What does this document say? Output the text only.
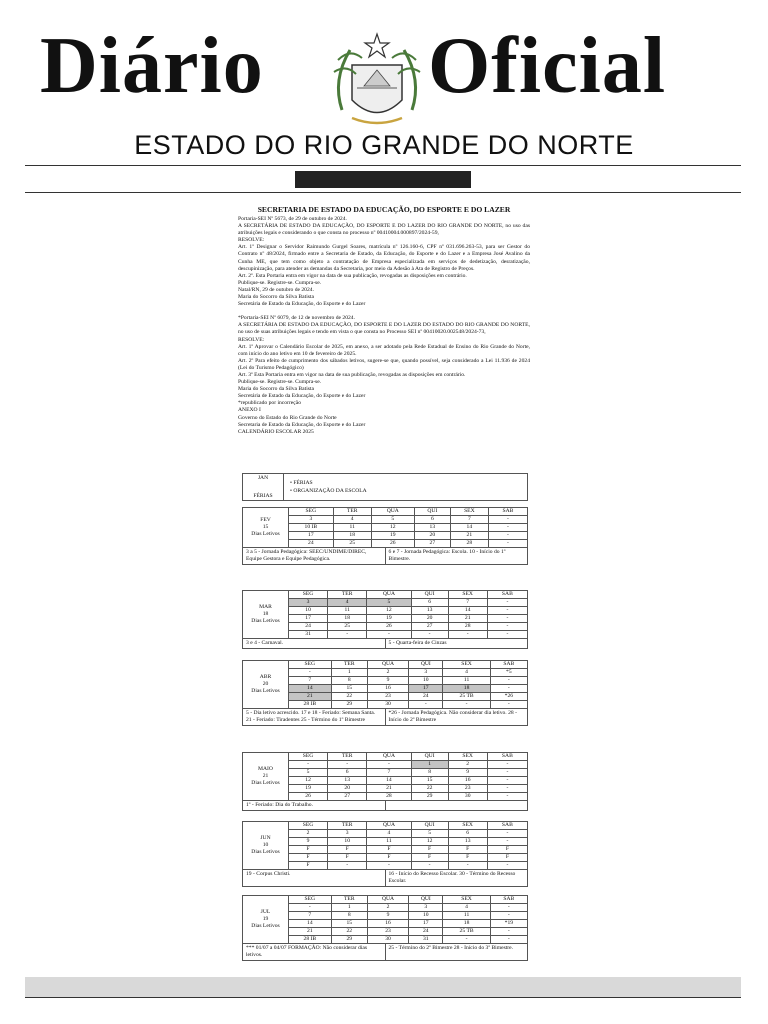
Diário Oficial
ESTADO DO RIO GRANDE DO NORTE
SECRETARIA DE ESTADO DA EDUCAÇÃO, DO ESPORTE E DO LAZER

Portaria-SEI Nº 5673, de 29 de outubro de 2024.

A SECRETÁRIA DE ESTADO DA EDUCAÇÃO, DO ESPORTE E DO LAZER DO RIO GRANDE DO NORTE, no uso das atribuições legais e considerando o que consta no processo nº 00410004.000897/2024-59,

RESOLVE:

Art. 1º Designar o Servidor Raimundo Gurgel Soares, matrícula nº 126.160-6, CPF nº 031.696.263-53, para ser Gestor do Contrato nº 48/2024, firmado entre a Secretaria de Estado, da Educação, do Esporte e do Lazer e a Empresa José Avalino da Cunha ME, que tem como objeto a contratação de Empresa especializada em serviços de dedetização, desratização, descupinização, para atender as demandas da Secretaria, por meio da Adesão à Ata de Registro de Preços.

Art. 2º. Esta Portaria entra em vigor na data de sua publicação, revogadas as disposições em contrário.

Publique-se. Registre-se. Cumpra-se.

Natal/RN, 29 de outubro de 2024.

Maria do Socorro da Silva Batista

Secretária de Estado da Educação, do Esporte e do Lazer

*Portaria-SEI Nº 6079, de 12 de novembro de 2024.

A SECRETÁRIA DE ESTADO DA EDUCAÇÃO, DO ESPORTE E DO LAZER DO ESTADO DO RIO GRANDE DO NORTE, no uso de suas atribuições legais e tendo em vista o que consta no Processo SEI nº 00410020.002548/2024-73,

RESOLVE:

Art. 1º Aprovar o Calendário Escolar de 2025, em anexo, a ser adotado pela Rede Estadual de Ensino do Rio Grande do Norte, com início do ano letivo em 10 de fevereiro de 2025.

Art. 2º Para efeito de cumprimento dos sábados letivos, sugere-se que, quando possível, seja considerado a Lei 11.936 de 2024 (Lei do Turismo Pedagógico)

Art. 3º Esta Portaria entra em vigor na data de sua publicação, revogadas as disposições em contrário.

Publique-se. Registre-se. Cumpra-se.

Maria do Socorro da Silva Batista

Secretária de Estado da Educação, do Esporte e do Lazer

*republicado por incorreção

ANEXO I

Governo do Estado do Rio Grande do Norte

Secretaria de Estado da Educação, do Esporte e do Lazer

CALENDÁRIO ESCOLAR 2025

JAN
FÉRIAS
• FÉRIAS
• ORGANIZAÇÃO DA ESCOLA
FEV
15
Dias Letivos	SEG	TER	QUA	QUI	SEX	SAB
	3	4	5	6	7	-
	10 IB	11	12	13	14	-
	17	18	19	20	21	-
	24	25	26	27	28	-
3 a 5 - Jornada Pedagógica: SEEC/UNDIME/DIREC, Equipe Gestora e Equipe Pedagógica.
6 e 7 - Jornada Pedagógica: Escola. 10 - Início do 1º Bimestre.
MAR
18
Dias Letivos	SEG	TER	QUA	QUI	SEX	SAB
	3	4	5	6	7	-
	10	11	12	13	14	-
	17	18	19	20	21	-
	24	25	26	27	28	-
	31	-	-	-	-	-
3 e 4 - Carnaval.	5 - Quarta-feira de Cinzas
ABR
20
Dias Letivos	SEG	TER	QUA	QUI	SEX	SAB
	-	1	2	3	4	*5
	7	8	9	10	11	-
	14	15	16	17	18	-
	21	22	23	24	25 TB	*26
	28 IB	29	30	-	-	-
5 - Dia letivo acrescido. 17 e 18 - Feriado: Semana Santa. 21 - Feriado: Tiradentes 25 - Término do 1º Bimestre
*26 - Jornada Pedagógica. Não considerar dia letivo. 28 - Início do 2º Bimestre
MAIO
21
Dias Letivos	SEG	TER	QUA	QUI	SEX	SAB
	-	-	-	1	2	-
	5	6	7	8	9	-
	12	13	14	15	16	-
	19	20	21	22	23	-
	26	27	28	29	30	-
1º - Feriado: Dia do Trabalho.
JUN
10
Dias Letivos	SEG	TER	QUA	QUI	SEX	SAB
	2	3	4	5	6	-
	9	10	11	12	13	-
	F	F	F	F	F	F
	F	F	F	F	F	F
	F	-	-	-	-	-
19 - Corpus Christi.	16 - Início do Recesso Escolar. 30 - Término do Recesso Escolar.
JUL
19
Dias Letivos	SEG	TER	QUA	QUI	SEX	SAB
	-	1	2	3	4	-
	7	8	9	10	11	-
	14	15	16	17	18	*19
	21	22	23	24	25 TB	-
	28 IB	29	30	31	-	-
*** 01/07 a 04/07 FORMAÇÃO: Não considerar dias letivos.
25 - Término do 2º Bimestre 28 - Início do 3º Bimestre.
